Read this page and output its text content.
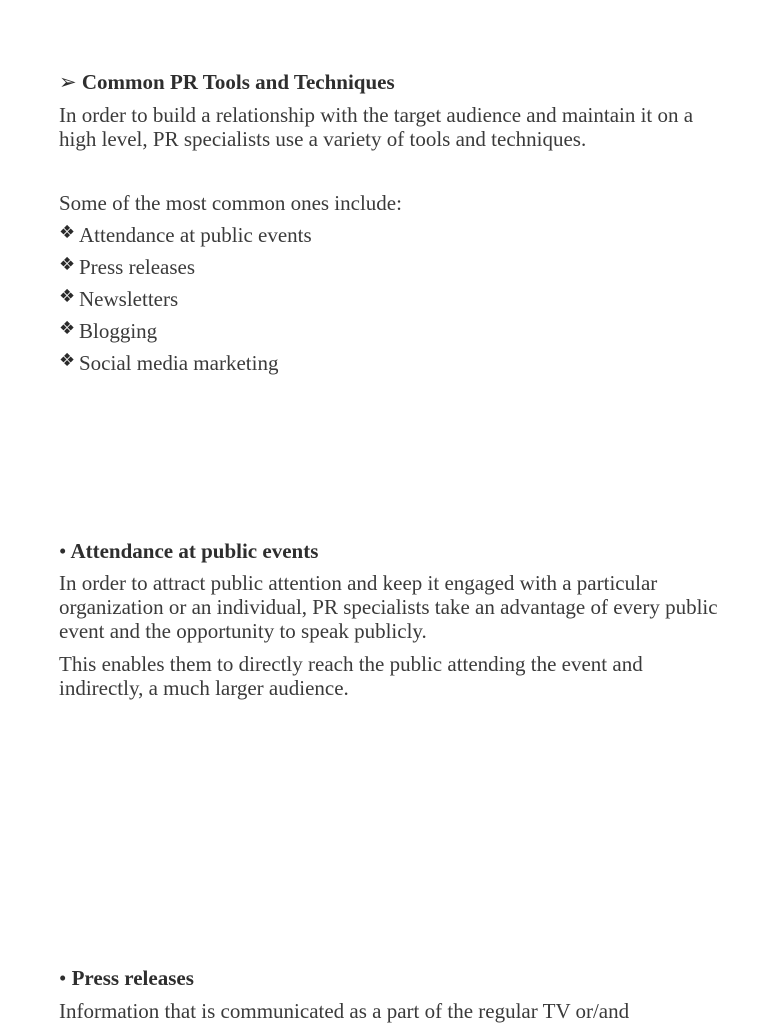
➢ Common PR Tools and Techniques

In order to build a relationship with the target audience and maintain it on a high level, PR specialists use a variety of tools and techniques.

Some of the most common ones include:

❖ Attendance at public events
❖ Press releases
❖ Newsletters
❖ Blogging
❖ Social media marketing
• Attendance at public events

In order to attract public attention and keep it engaged with a particular organization or an individual, PR specialists take an advantage of every public event and the opportunity to speak publicly.

This enables them to directly reach the public attending the event and indirectly, a much larger audience.

• Press releases

Information that is communicated as a part of the regular TV or/and
